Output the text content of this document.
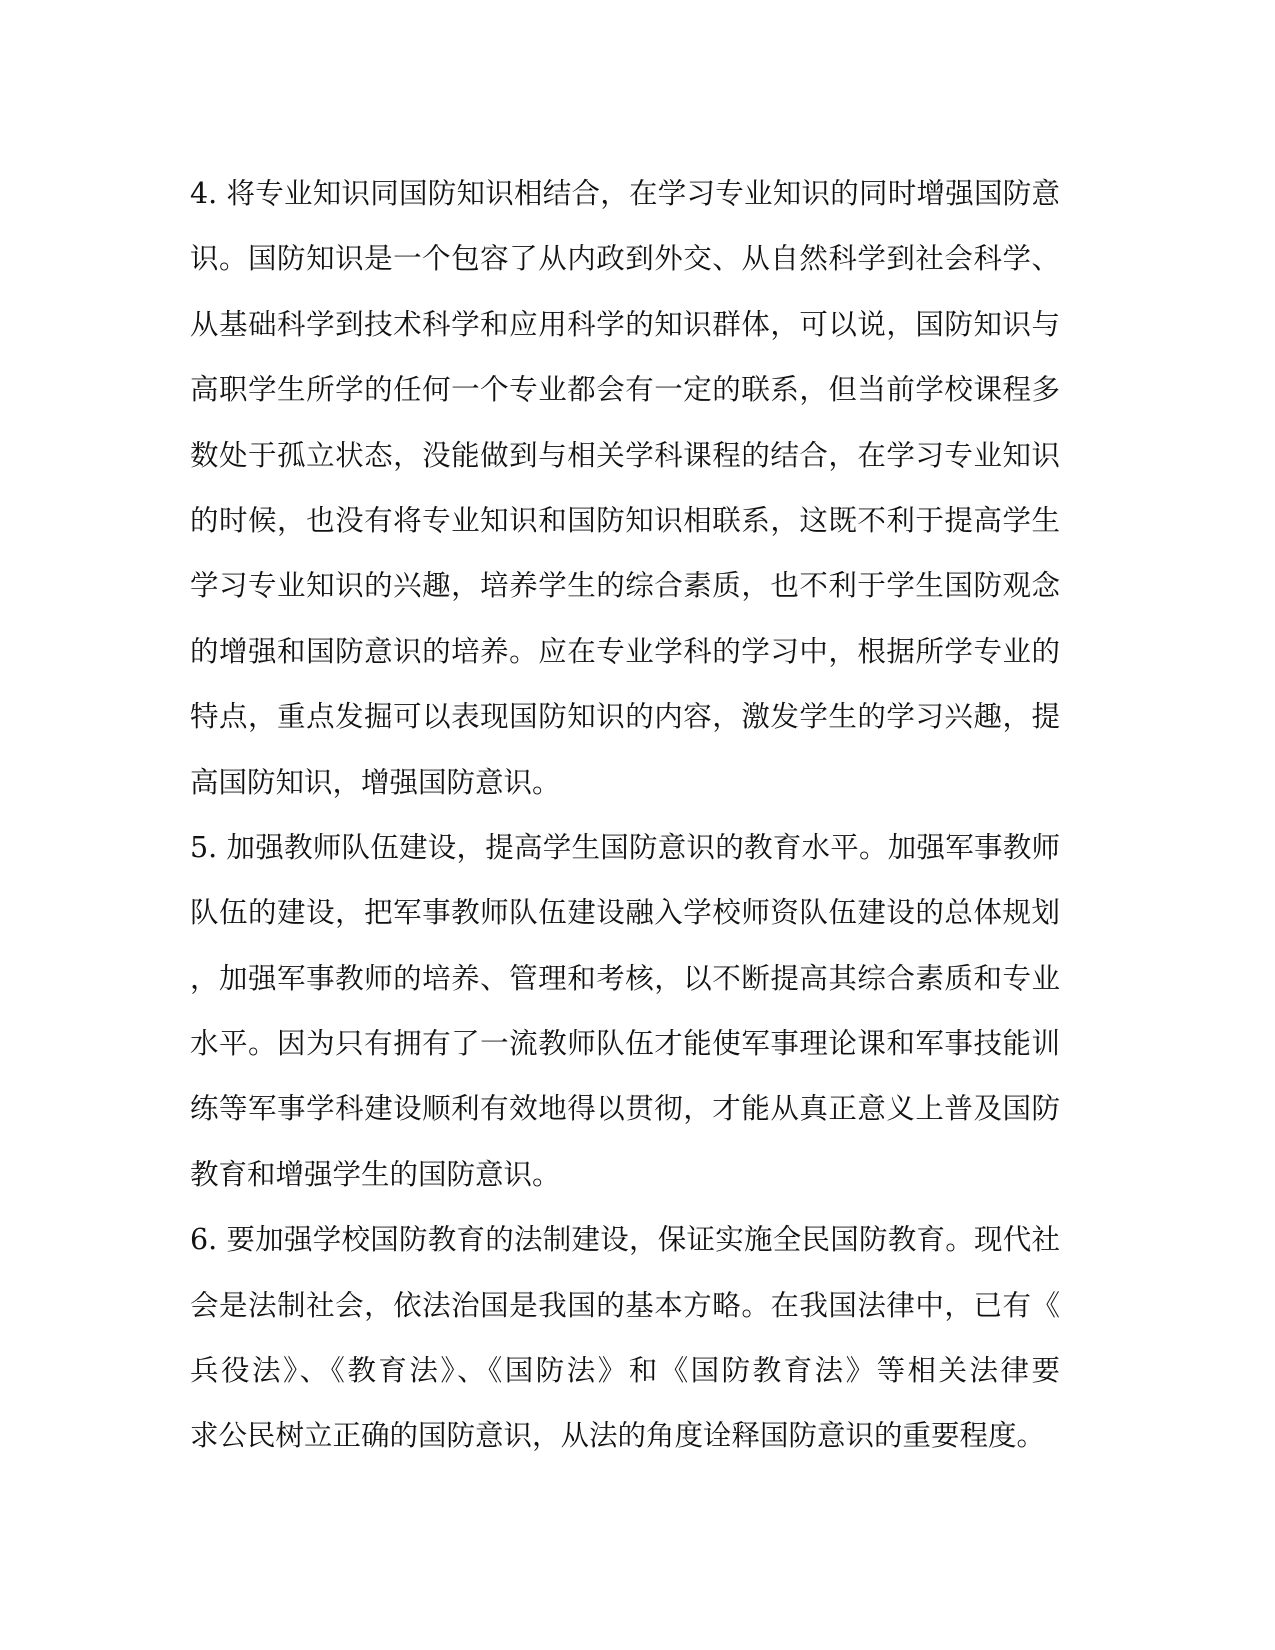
4. 将专业知识同国防知识相结合，在学习专业知识的同时增强国防意
识。国防知识是一个包容了从内政到外交、从自然科学到社会科学、
从基础科学到技术科学和应用科学的知识群体，可以说，国防知识与
高职学生所学的任何一个专业都会有一定的联系，但当前学校课程多
数处于孤立状态，没能做到与相关学科课程的结合，在学习专业知识
的时候，也没有将专业知识和国防知识相联系，这既不利于提高学生
学习专业知识的兴趣，培养学生的综合素质，也不利于学生国防观念
的增强和国防意识的培养。应在专业学科的学习中，根据所学专业的
特点，重点发掘可以表现国防知识的内容，激发学生的学习兴趣，提
高国防知识，增强国防意识。
5. 加强教师队伍建设，提高学生国防意识的教育水平。加强军事教师
队伍的建设，把军事教师队伍建设融入学校师资队伍建设的总体规划
，加强军事教师的培养、管理和考核，以不断提高其综合素质和专业
水平。因为只有拥有了一流教师队伍才能使军事理论课和军事技能训
练等军事学科建设顺利有效地得以贯彻，才能从真正意义上普及国防
教育和增强学生的国防意识。
6. 要加强学校国防教育的法制建设，保证实施全民国防教育。现代社
会是法制社会，依法治国是我国的基本方略。在我国法律中，已有《
兵役法》、《教育法》、《国防法》和《国防教育法》等相关法律要
求公民树立正确的国防意识，从法的角度诠释国防意识的重要程度。
